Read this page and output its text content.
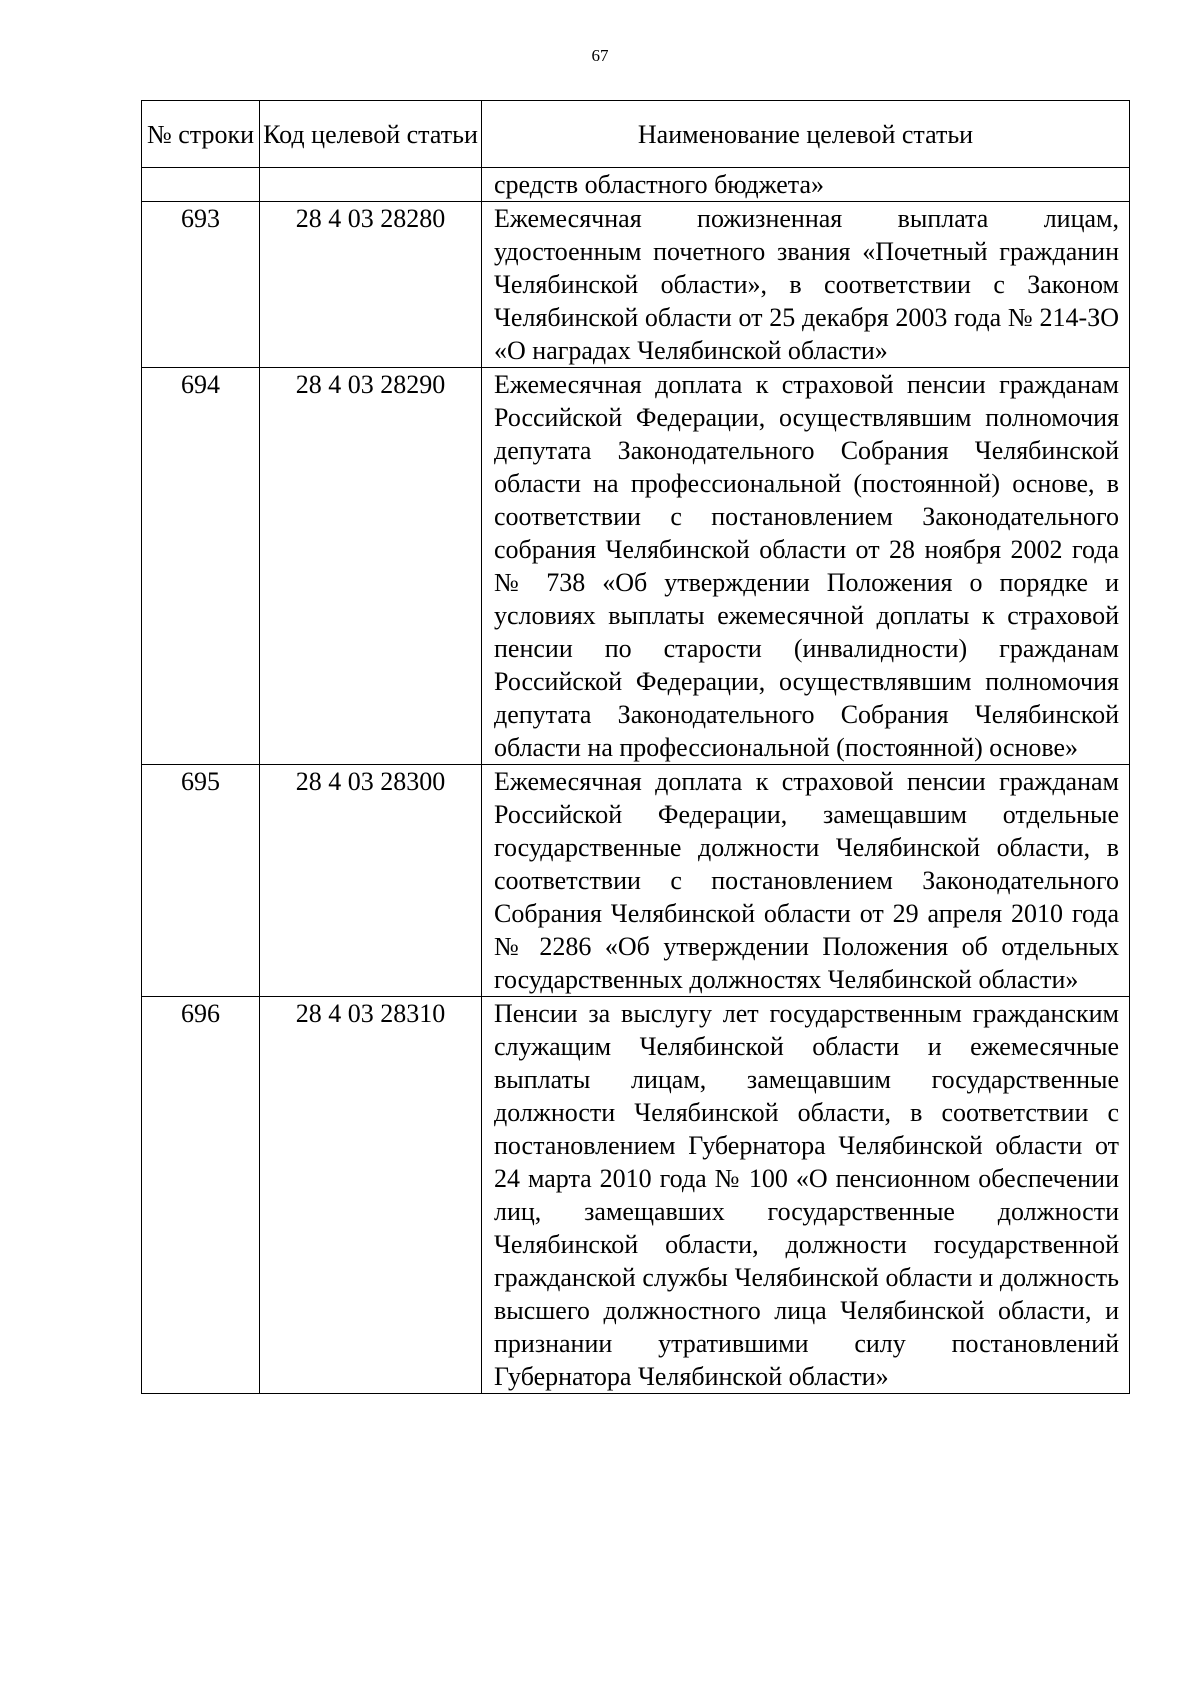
67
№ строки	Код целевой статьи	Наименование целевой статьи
		средств областного бюджета»
693	28 4 03 28280	Ежемесячная пожизненная выплата лицам, удостоенным почетного звания «Почетный гражданин Челябинской области», в соответствии с Законом Челябинской области от 25 декабря 2003 года № 214-ЗО «О наградах Челябинской области»
694	28 4 03 28290	Ежемесячная доплата к страховой пенсии гражданам Российской Федерации, осуществлявшим полномочия депутата Законодательного Собрания Челябинской области на профессиональной (постоянной) основе, в соответствии с постановлением Законодательного собрания Челябинской области от 28 ноября 2002 года № 738 «Об утверждении Положения о порядке и условиях выплаты ежемесячной доплаты к страховой пенсии по старости (инвалидности) гражданам Российской Федерации, осуществлявшим полномочия депутата Законодательного Собрания Челябинской области на профессиональной (постоянной) основе»
695	28 4 03 28300	Ежемесячная доплата к страховой пенсии гражданам Российской Федерации, замещавшим отдельные государственные должности Челябинской области, в соответствии с постановлением Законодательного Собрания Челябинской области от 29 апреля 2010 года № 2286 «Об утверждении Положения об отдельных государственных должностях Челябинской области»
696	28 4 03 28310	Пенсии за выслугу лет государственным гражданским служащим Челябинской области и ежемесячные выплаты лицам, замещавшим государственные должности Челябинской области, в соответствии с постановлением Губернатора Челябинской области от 24 марта 2010 года № 100 «О пенсионном обеспечении лиц, замещавших государственные должности Челябинской области, должности государственной гражданской службы Челябинской области и должность высшего должностного лица Челябинской области, и признании утратившими силу постановлений Губернатора Челябинской области»
